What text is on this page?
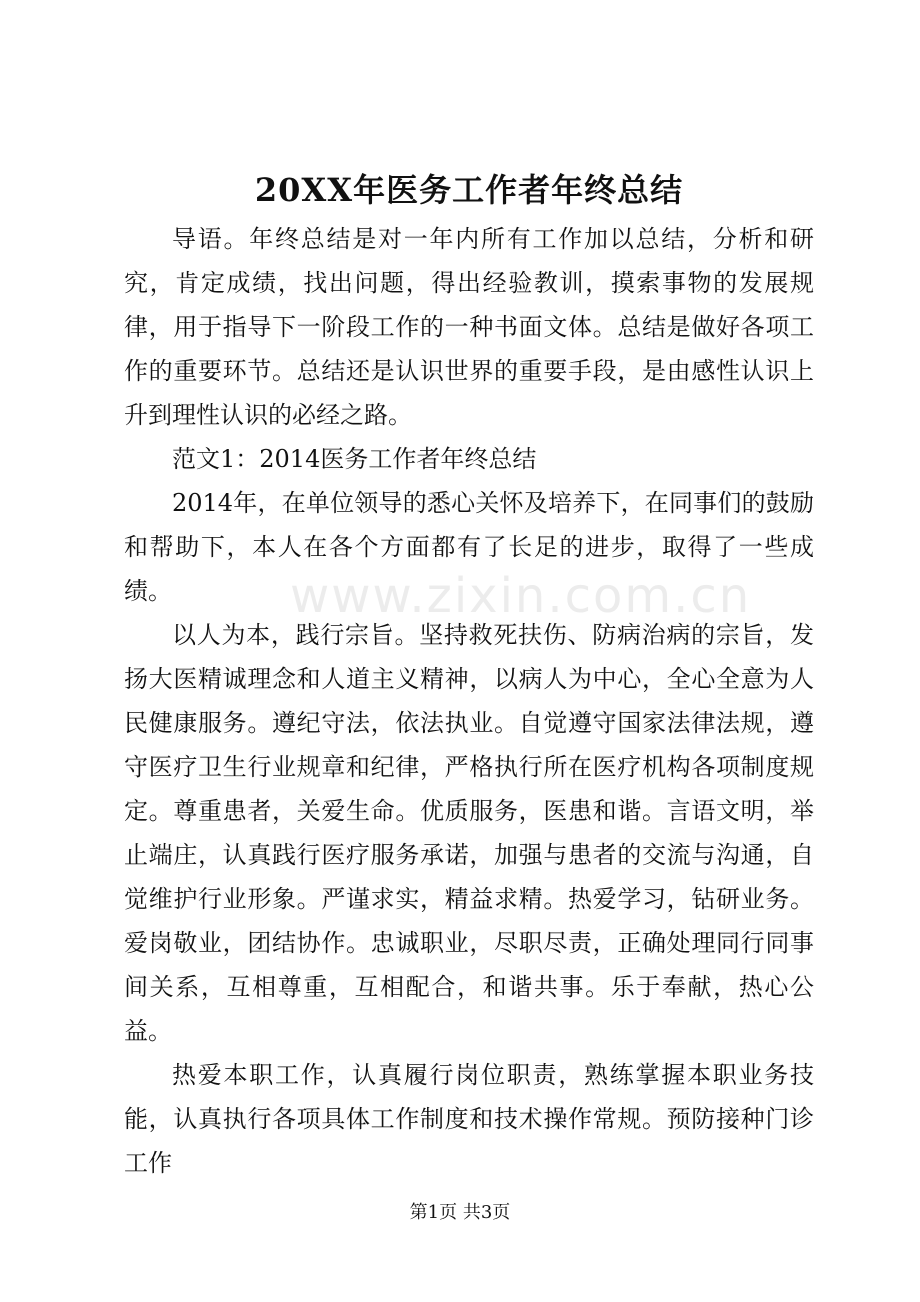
20XX年医务工作者年终总结

导语。年终总结是对一年内所有工作加以总结，分析和研究，肯定成绩，找出问题，得出经验教训，摸索事物的发展规律，用于指导下一阶段工作的一种书面文体。总结是做好各项工作的重要环节。总结还是认识世界的重要手段，是由感性认识上升到理性认识的必经之路。

范文1：2014医务工作者年终总结

2014年，在单位领导的悉心关怀及培养下，在同事们的鼓励和帮助下，本人在各个方面都有了长足的进步，取得了一些成绩。

以人为本，践行宗旨。坚持救死扶伤、防病治病的宗旨，发扬大医精诚理念和人道主义精神，以病人为中心，全心全意为人民健康服务。遵纪守法，依法执业。自觉遵守国家法律法规，遵守医疗卫生行业规章和纪律，严格执行所在医疗机构各项制度规定。尊重患者，关爱生命。优质服务，医患和谐。言语文明，举止端庄，认真践行医疗服务承诺，加强与患者的交流与沟通，自觉维护行业形象。严谨求实，精益求精。热爱学习，钻研业务。爱岗敬业，团结协作。忠诚职业，尽职尽责，正确处理同行同事间关系，互相尊重，互相配合，和谐共事。乐于奉献，热心公益。

热爱本职工作，认真履行岗位职责，熟练掌握本职业务技能，认真执行各项具体工作制度和技术操作常规。预防接种门诊工作

www.zixin.com.cn
第1页 共3页
